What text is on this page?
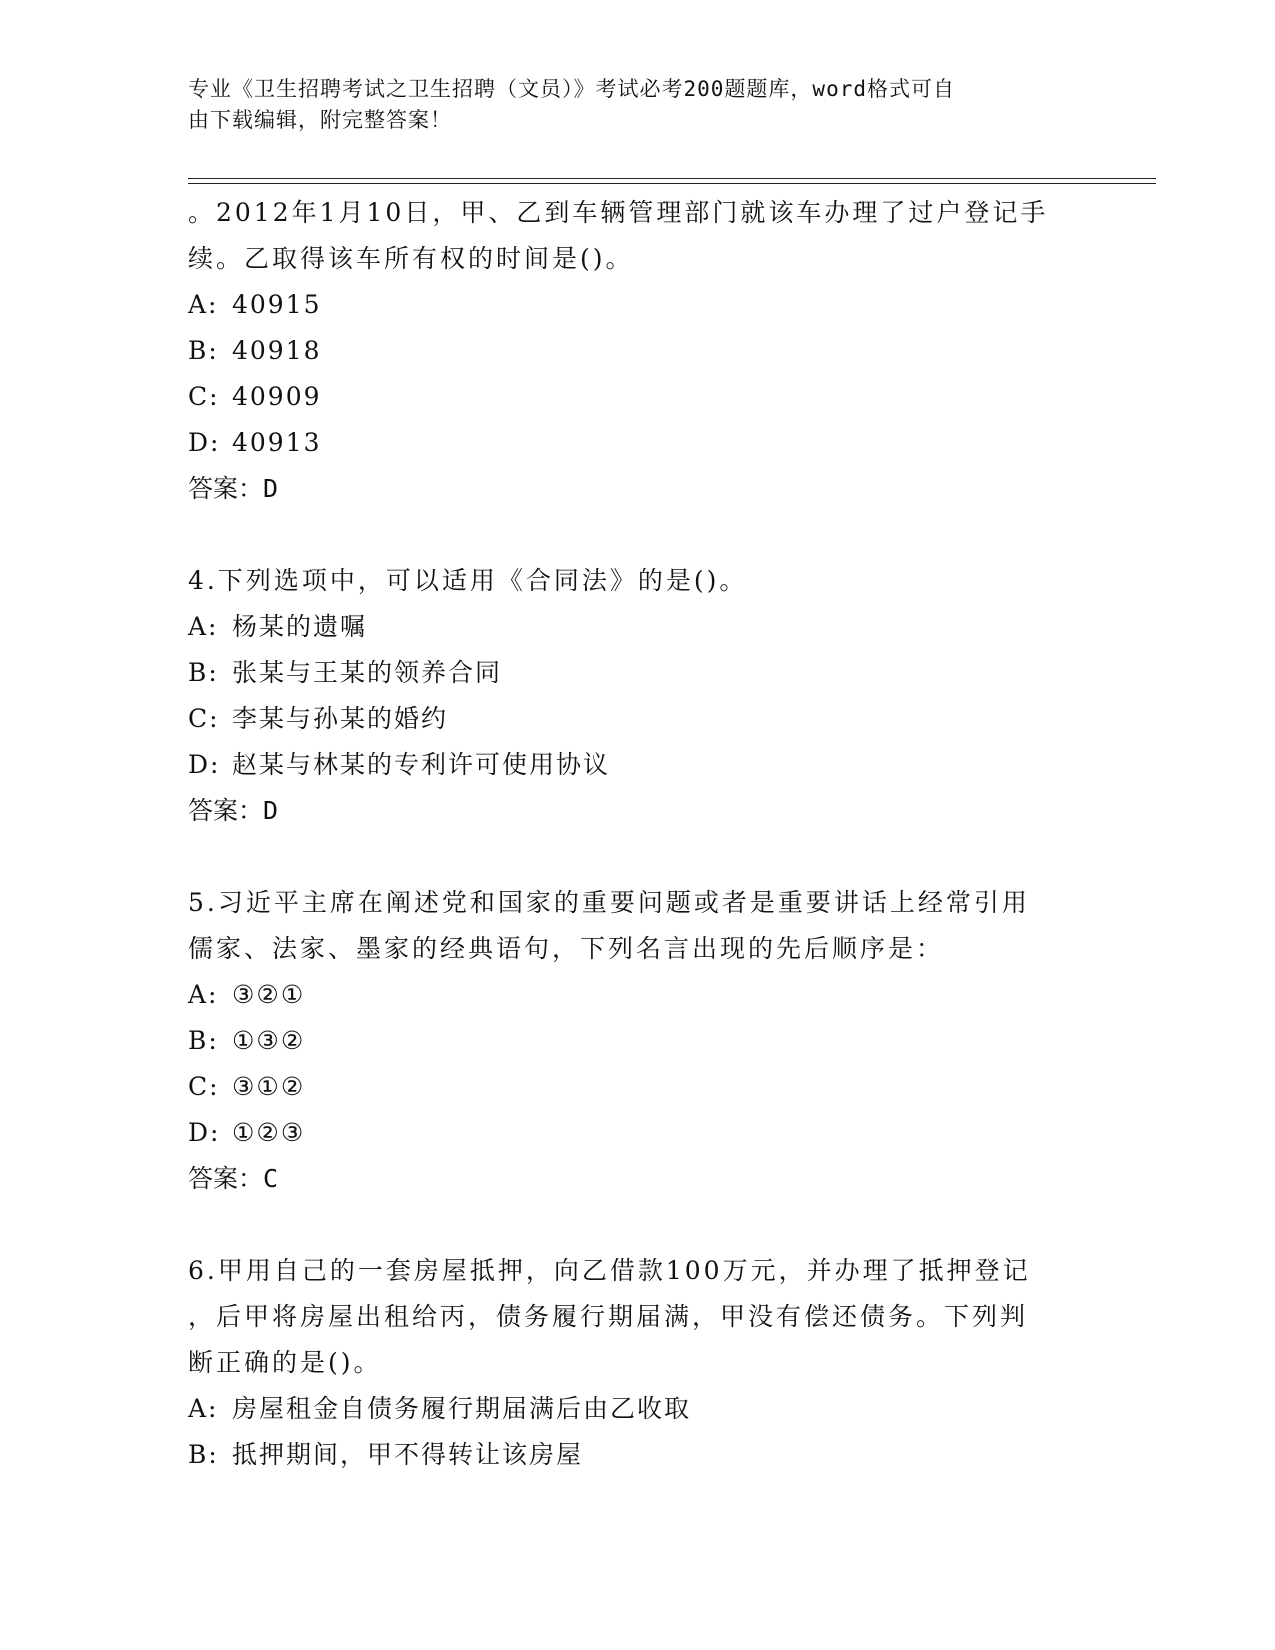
专业《卫生招聘考试之卫生招聘（文员）》考试必考200题题库，word格式可自
由下载编辑，附完整答案！

。2012年1月10日，甲、乙到车辆管理部门就该车办理了过户登记手

续。乙取得该车所有权的时间是()。

A: 40915

B: 40918

C: 40909

D: 40913

答案：D

4.下列选项中，可以适用《合同法》的是()。

A: 杨某的遗嘱

B: 张某与王某的领养合同

C: 李某与孙某的婚约

D: 赵某与林某的专利许可使用协议

答案：D

5.习近平主席在阐述党和国家的重要问题或者是重要讲话上经常引用

儒家、法家、墨家的经典语句，下列名言出现的先后顺序是：

A: ③②①

B: ①③②

C: ③①②

D: ①②③

答案：C

6.甲用自己的一套房屋抵押，向乙借款100万元，并办理了抵押登记

，后甲将房屋出租给丙，债务履行期届满，甲没有偿还债务。下列判

断正确的是()。

A: 房屋租金自债务履行期届满后由乙收取

B: 抵押期间，甲不得转让该房屋
